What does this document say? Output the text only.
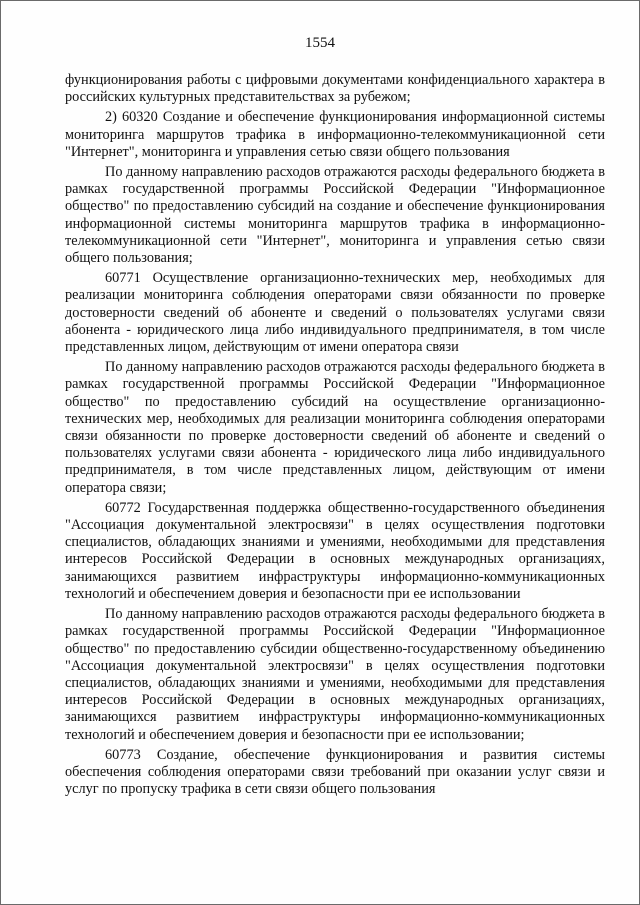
1554

функционирования работы с цифровыми документами конфиденциального характера в российских культурных представительствах за рубежом;

2) 60320 Создание и обеспечение функционирования информационной системы мониторинга маршрутов трафика в информационно-телекоммуникационной сети "Интернет", мониторинга и управления сетью связи общего пользования

По данному направлению расходов отражаются расходы федерального бюджета в рамках государственной программы Российской Федерации "Информационное общество" по предоставлению субсидий на создание и обеспечение функционирования информационной системы мониторинга маршрутов трафика в информационно-телекоммуникационной сети "Интернет", мониторинга и управления сетью связи общего пользования;

60771 Осуществление организационно-технических мер, необходимых для реализации мониторинга соблюдения операторами связи обязанности по проверке достоверности сведений об абоненте и сведений о пользователях услугами связи абонента - юридического лица либо индивидуального предпринимателя, в том числе представленных лицом, действующим от имени оператора связи

По данному направлению расходов отражаются расходы федерального бюджета в рамках государственной программы Российской Федерации "Информационное общество" по предоставлению субсидий на осуществление организационно-технических мер, необходимых для реализации мониторинга соблюдения операторами связи обязанности по проверке достоверности сведений об абоненте и сведений о пользователях услугами связи абонента - юридического лица либо индивидуального предпринимателя, в том числе представленных лицом, действующим от имени оператора связи;

60772 Государственная поддержка общественно-государственного объединения "Ассоциация документальной электросвязи" в целях осуществления подготовки специалистов, обладающих знаниями и умениями, необходимыми для представления интересов Российской Федерации в основных международных организациях, занимающихся развитием инфраструктуры информационно-коммуникационных технологий и обеспечением доверия и безопасности при ее использовании

По данному направлению расходов отражаются расходы федерального бюджета в рамках государственной программы Российской Федерации "Информационное общество" по предоставлению субсидии общественно-государственному объединению "Ассоциация документальной электросвязи" в целях осуществления подготовки специалистов, обладающих знаниями и умениями, необходимыми для представления интересов Российской Федерации в основных международных организациях, занимающихся развитием инфраструктуры информационно-коммуникационных технологий и обеспечением доверия и безопасности при ее использовании;

60773 Создание, обеспечение функционирования и развития системы обеспечения соблюдения операторами связи требований при оказании услуг связи и услуг по пропуску трафика в сети связи общего пользования
